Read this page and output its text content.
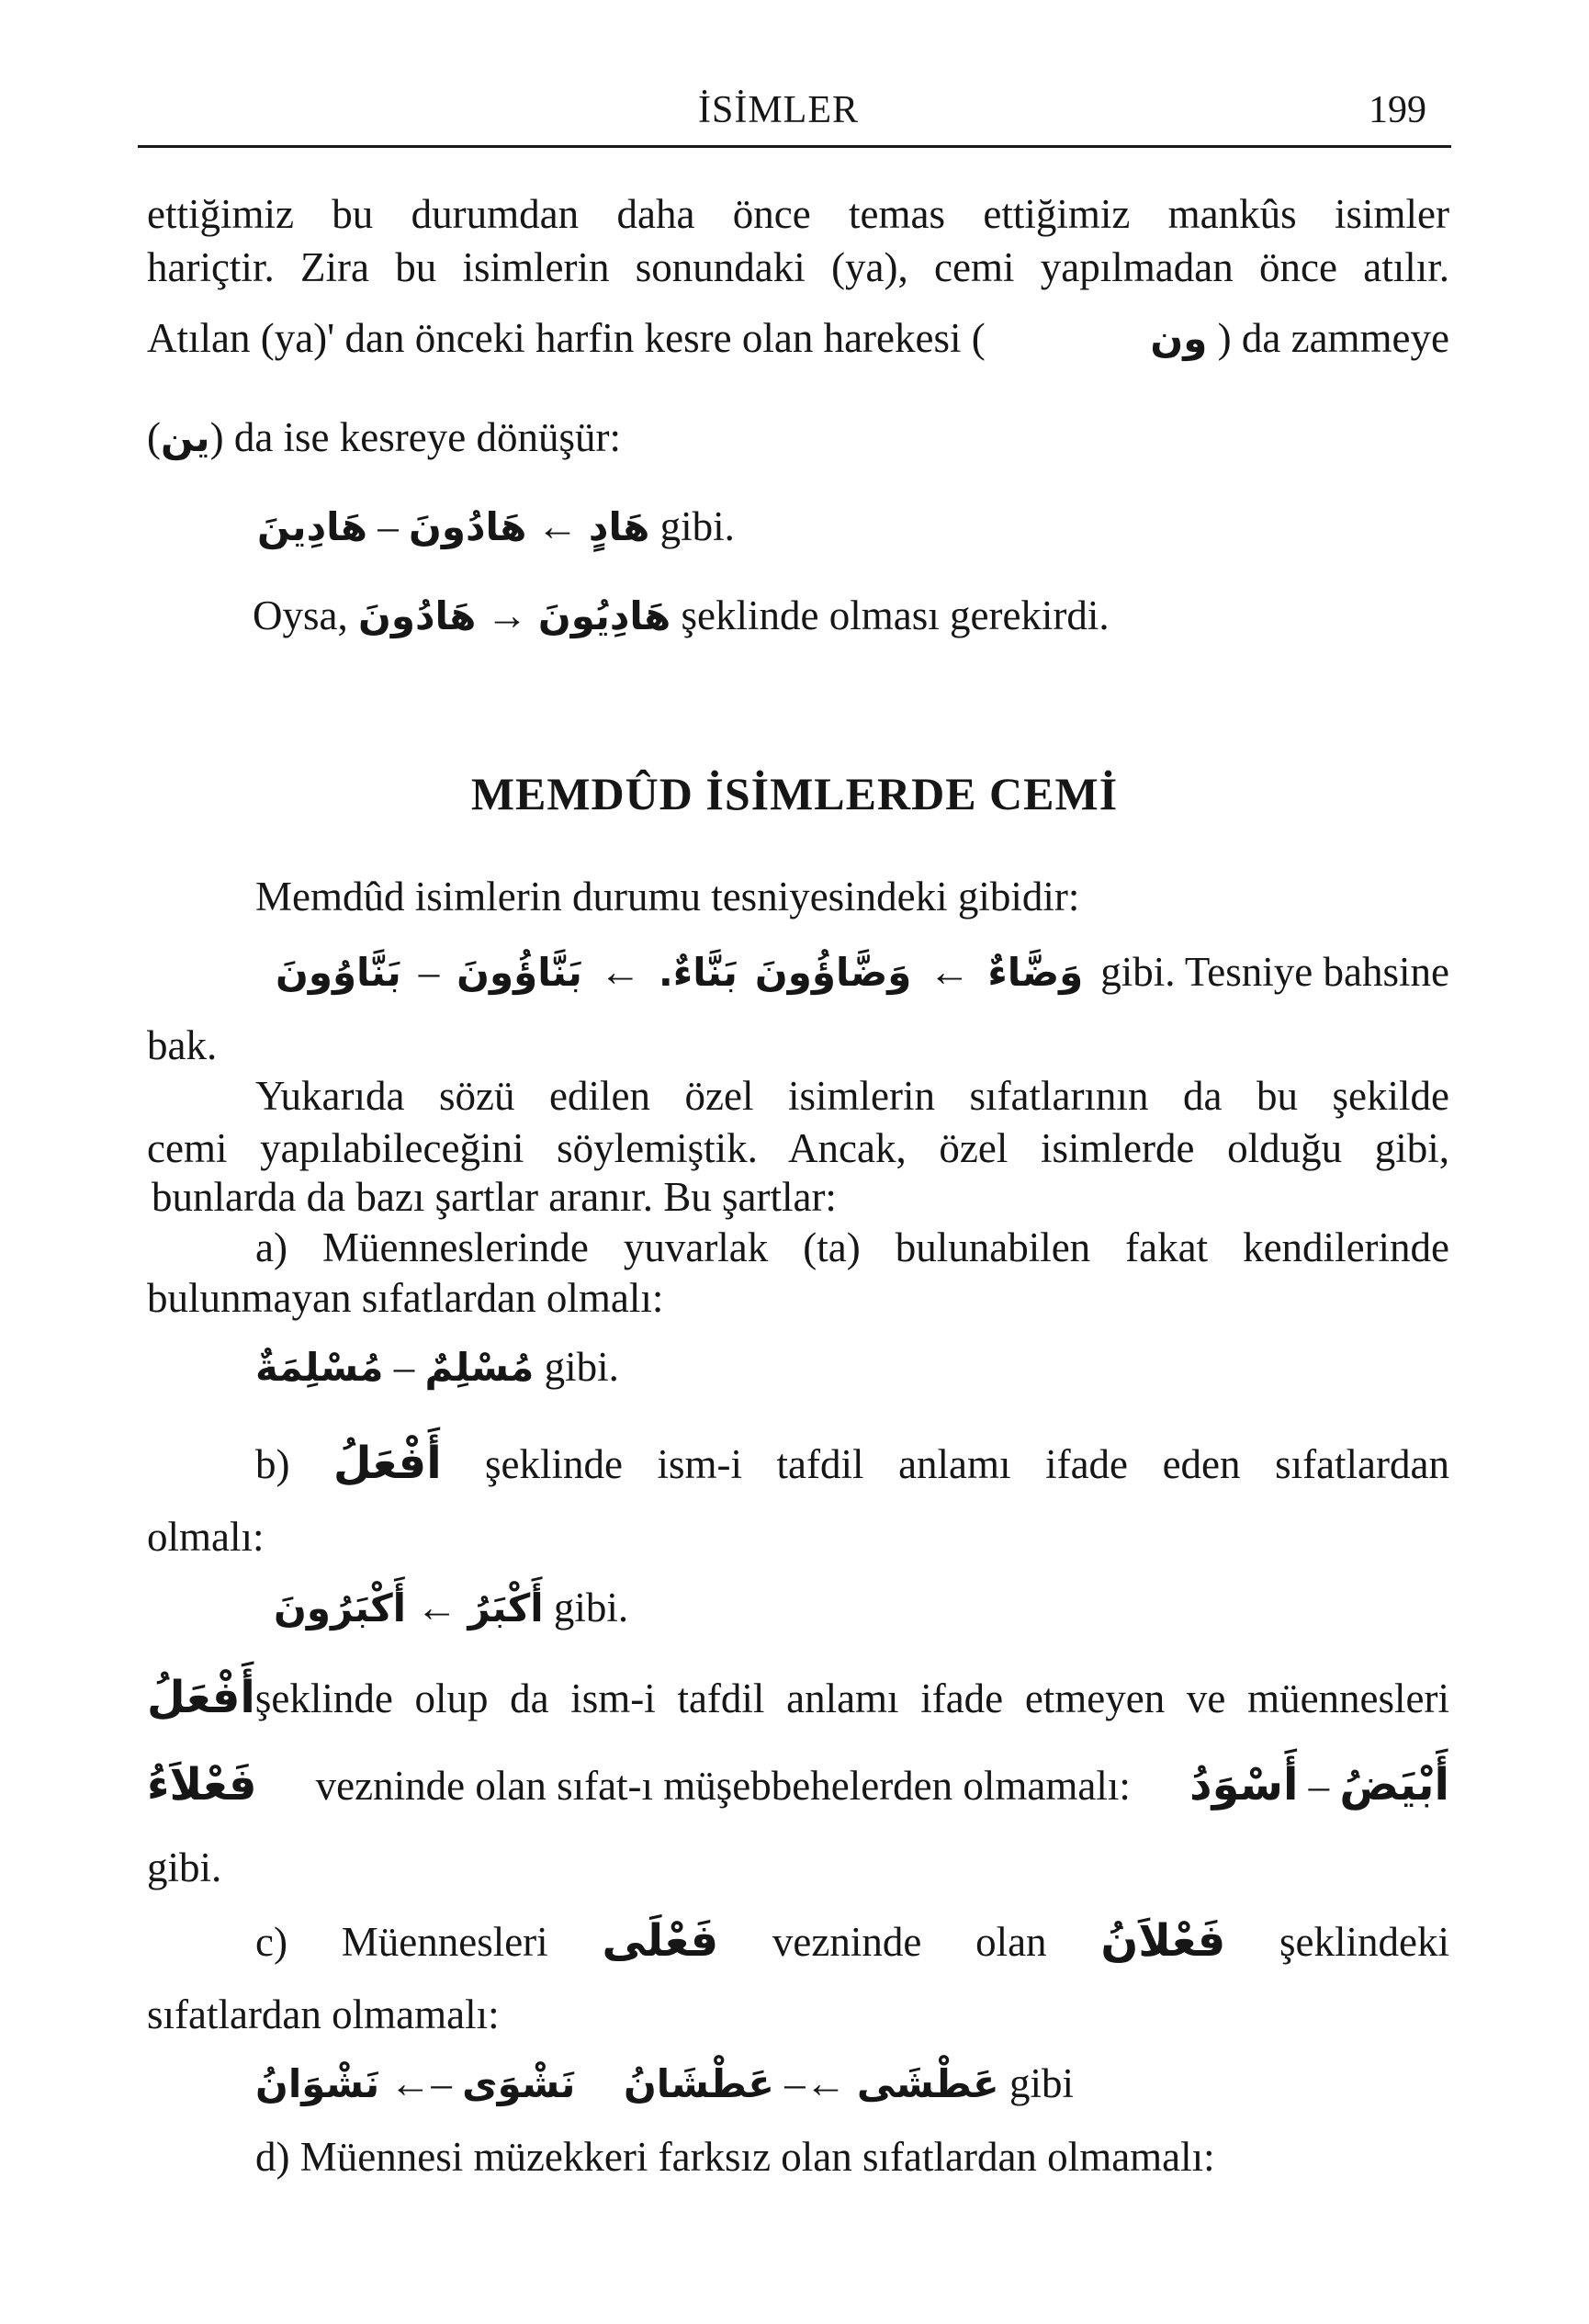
İSİMLER	199
ettiğimiz bu durumdan daha önce temas ettiğimiz mankûs isimler
hariçtir. Zira bu isimlerin sonundaki (ya), cemi yapılmadan önce atılır.
Atılan (ya)' dan önceki harfin kesre olan harekesi (	ون ) da zammeye
(ين) da ise kesreye dönüşür:
هَادِينَ – هَادُونَ ← هَادٍ gibi.
Oysa, هَادُونَ → هَادِيُونَ şeklinde olması gerekirdi.
MEMDÛD İSİMLERDE CEMİ
Memdûd isimlerin durumu tesniyesindeki gibidir:
بَنَّاوُونَ – بَنَّاؤُونَ ← بَنَّاءٌ. وَضَّاؤُونَ ← وَضَّاءٌ gibi. Tesniye bahsine
bak.
Yukarıda sözü edilen özel isimlerin sıfatlarının da bu şekilde
cemi yapılabileceğini söylemiştik. Ancak, özel isimlerde olduğu gibi,
bunlarda da bazı şartlar aranır. Bu şartlar:
a) Müenneslerinde yuvarlak (ta) bulunabilen fakat kendilerinde
bulunmayan sıfatlardan olmalı:
مُسْلِمَةٌ – مُسْلِمٌ gibi.
b) أَفْعَلُ şeklinde ism-i tafdil anlamı ifade eden sıfatlardan
olmalı:
أَكْبَرُونَ ← أَكْبَرُ gibi.
أَفْعَلُ şeklinde olup da ism-i tafdil anlamı ifade etmeyen ve müennesleri
فَعْلاَءُ vezninde olan sıfat-ı müşebbehelerden olmamalı: أَسْوَدُ – أَبْيَضُ
gibi.
c) Müennesleri فَعْلَى vezninde olan فَعْلاَنُ şeklindeki
sıfatlardan olmamalı:
نَشْوَانُ ←– نَشْوَى عَطْشَانُ –← عَطْشَى gibi
d) Müennesi müzekkeri farksız olan sıfatlardan olmamalı:
